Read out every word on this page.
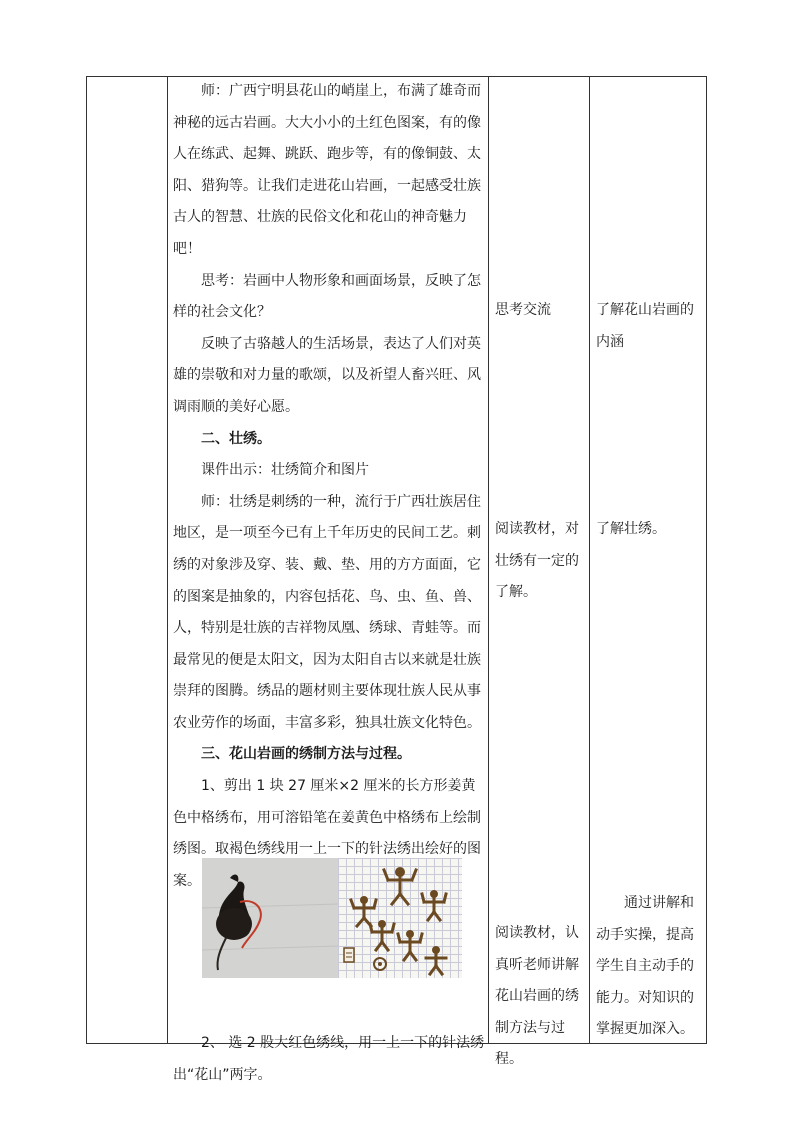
师：广西宁明县花山的峭崖上，布满了雄奇而神秘的远古岩画。大大小小的土红色图案，有的像人在练武、起舞、跳跃、跑步等，有的像铜鼓、太阳、猎狗等。让我们走进花山岩画，一起感受壮族古人的智慧、壮族的民俗文化和花山的神奇魅力吧！

思考：岩画中人物形象和画面场景，反映了怎样的社会文化？

反映了古骆越人的生活场景，表达了人们对英雄的崇敬和对力量的歌颂，以及祈望人畜兴旺、风调雨顺的美好心愿。

二、壮绣。

课件出示：壮绣简介和图片

师：壮绣是刺绣的一种，流行于广西壮族居住地区，是一项至今已有上千年历史的民间工艺。刺绣的对象涉及穿、装、戴、垫、用的方方面面，它的图案是抽象的，内容包括花、鸟、虫、鱼、兽、人，特别是壮族的吉祥物凤凰、绣球、青蛙等。而最常见的便是太阳文，因为太阳自古以来就是壮族崇拜的图腾。绣品的题材则主要体现壮族人民从事农业劳作的场面，丰富多彩，独具壮族文化特色。

三、花山岩画的绣制方法与过程。

1、剪出 1 块 27 厘米×2 厘米的长方形姜黄色中格绣布，用可溶铅笔在姜黄色中格绣布上绘制绣图。取褐色绣线用一上一下的针法绣出绘好的图案。

2、 选 2 股大红色绣线，用一上一下的针法绣出“花山”两字。

思考交流
阅读教材，对壮绣有一定的了解。
阅读教材，认真听老师讲解花山岩画的绣制方法与过程。
了解花山岩画的内涵
了解壮绣。
通过讲解和动手实操，提高学生自主动手的能力。对知识的掌握更加深入。
